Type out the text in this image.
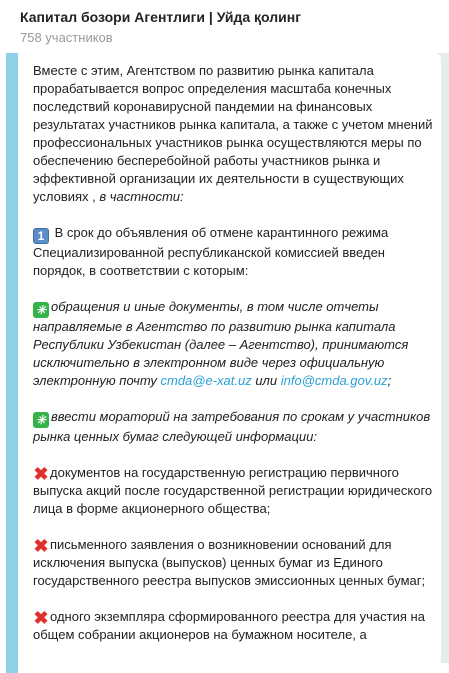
Капитал бозори Агентлиги | Уйда қолинг
758 участников

Вместе с этим, Агентством по развитию рынка капитала прорабатывается вопрос определения масштаба конечных последствий коронавирусной пандемии на финансовых результатах участников рынка капитала, а также с учетом мнений профессиональных участников рынка осуществляются меры по обеспечению бесперебойной работы участников рынка и эффективной организации их деятельности в существующих условиях , в частности:

1 В срок до объявления об отмене карантинного режима Специализированной республиканской комиссией введен порядок, в соответствии с которым:

✳ обращения и иные документы, в том числе отчеты направляемые в Агентство по развитию рынка капитала Республики Узбекистан (далее – Агентство), принимаются исключительно в электронном виде через официальную электронную почту cmda@e-xat.uz или info@cmda.gov.uz;

✳ ввести мораторий на затребования по срокам у участников рынка ценных бумаг следующей информации:

✖документов на государственную регистрацию первичного выпуска акций после государственной регистрации юридического лица в форме акционерного общества;

✖письменного заявления о возникновении оснований для исключения выпуска (выпусков) ценных бумаг из Единого государственного реестра выпусков эмиссионных ценных бумаг;

✖одного экземпляра сформированного реестра для участия на общем собрании акционеров на бумажном носителе, а
